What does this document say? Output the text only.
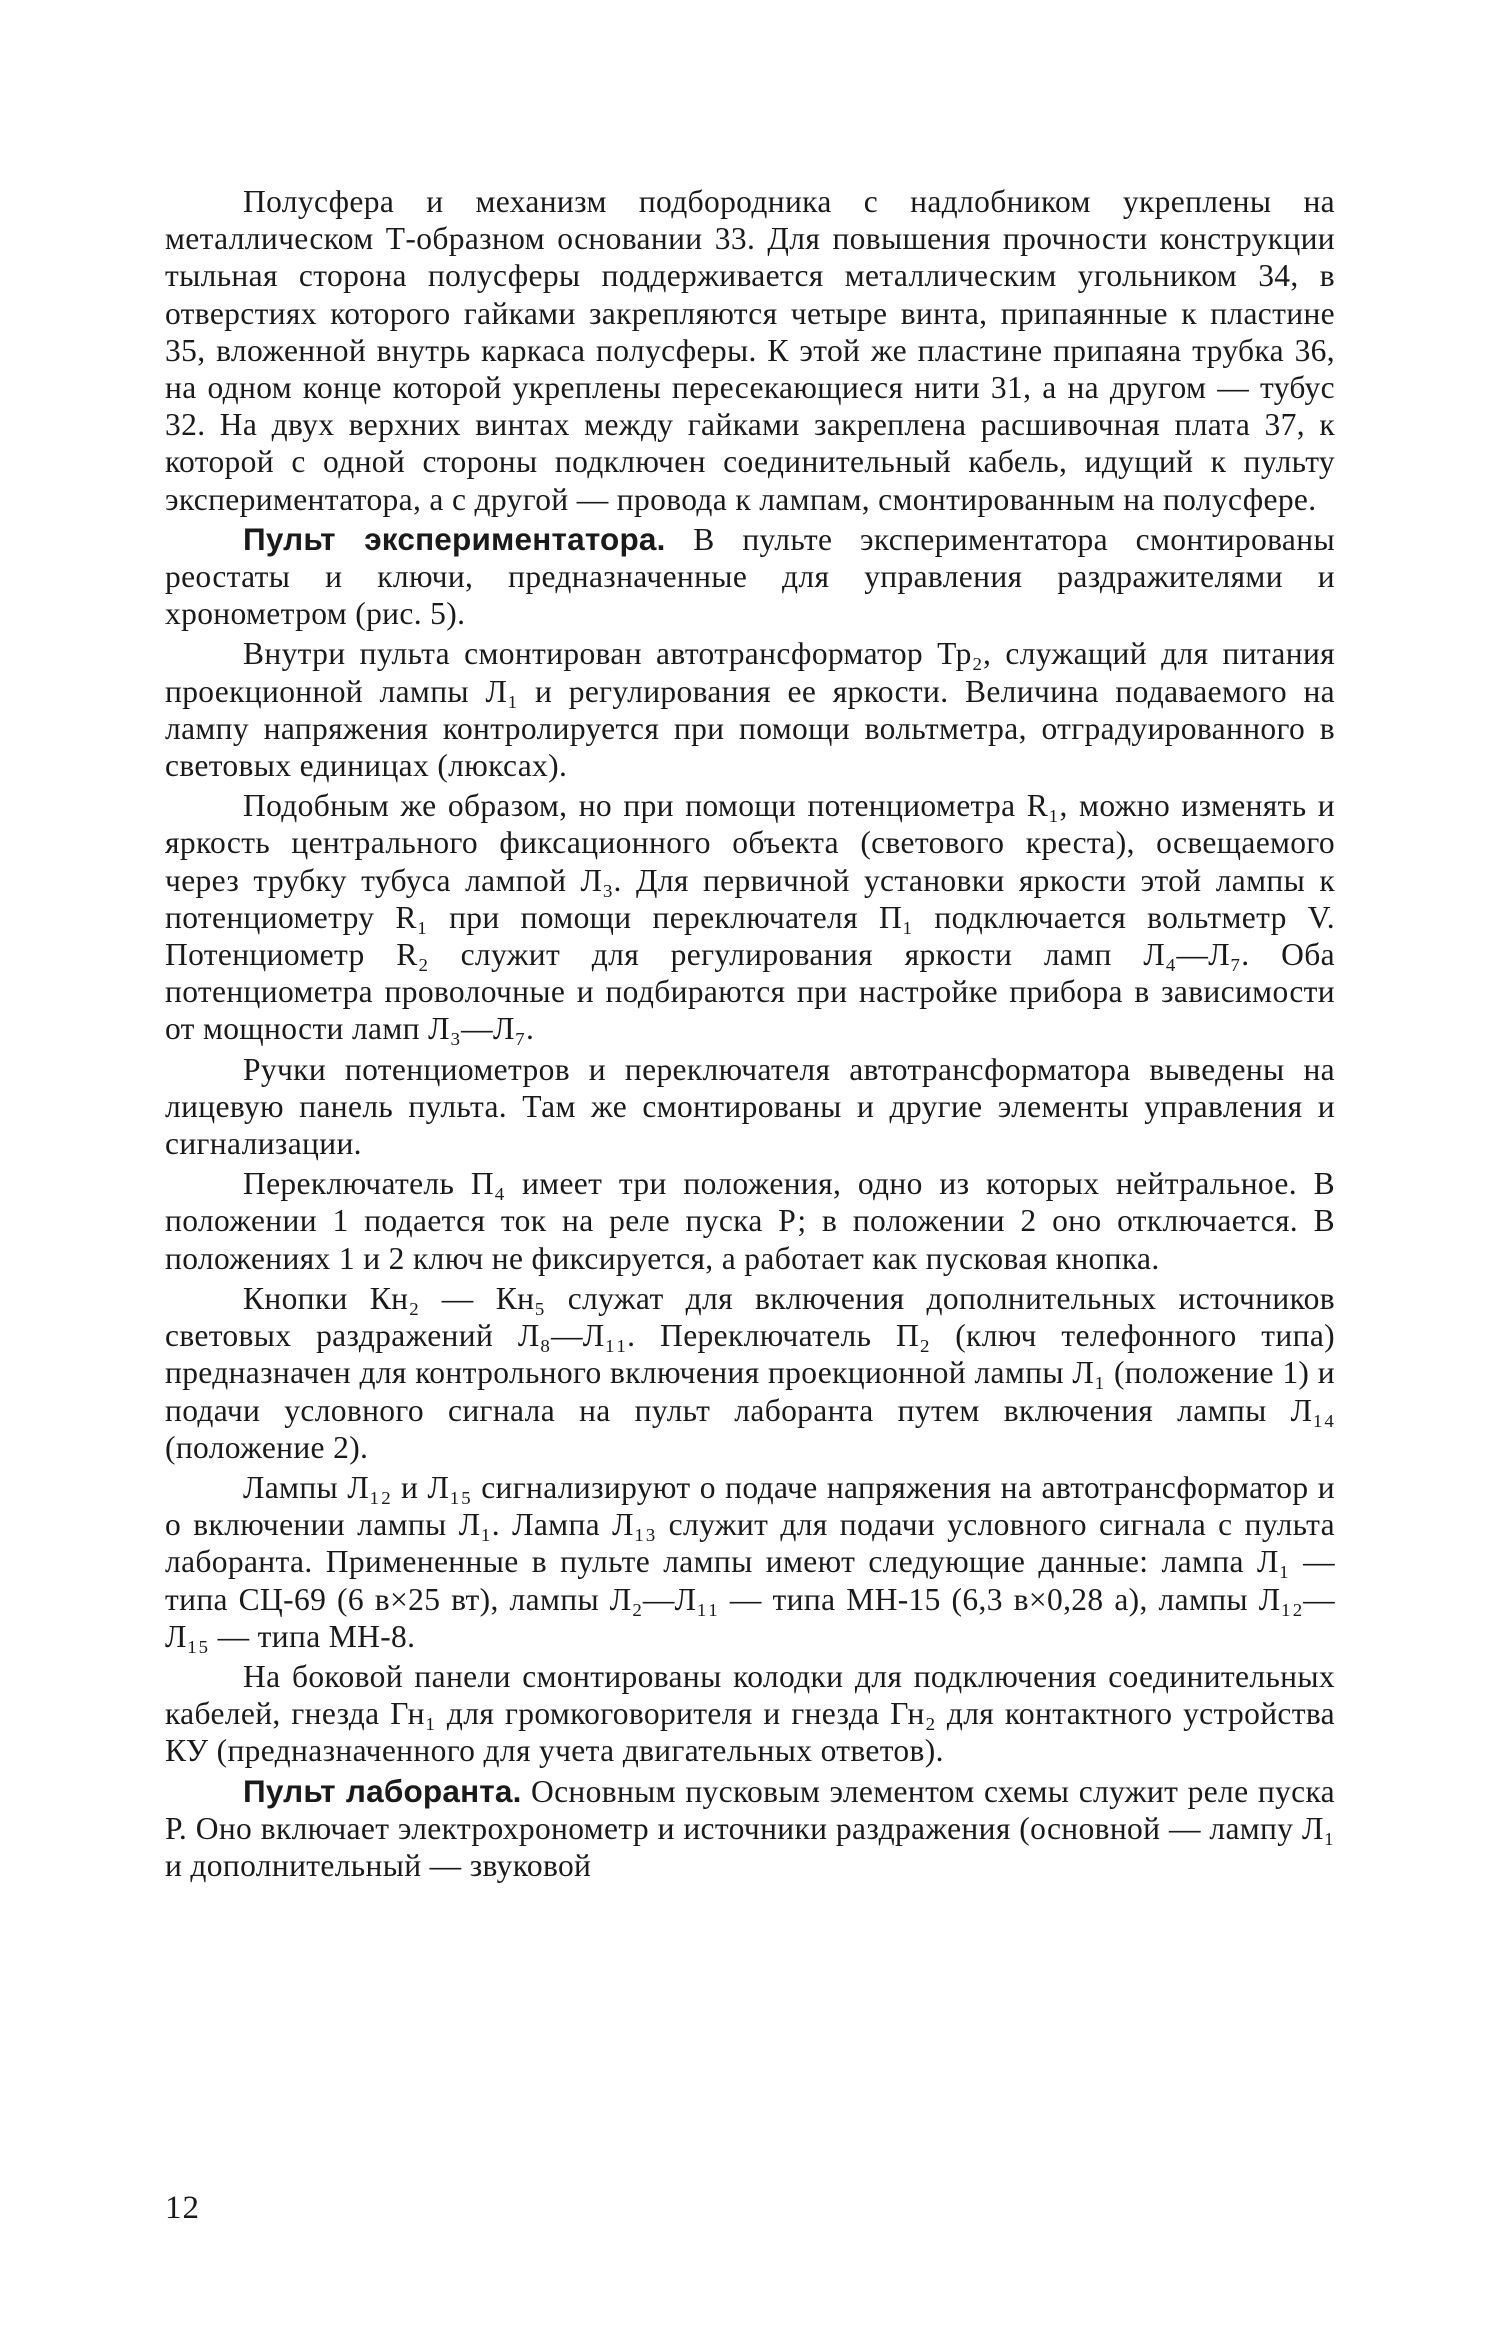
Полусфера и механизм подбородника с надлобником укреплены на металлическом Т-образном основании 33. Для повышения прочности конструкции тыльная сторона полусферы поддерживается металлическим угольником 34, в отверстиях которого гайками закрепляются четыре винта, припаянные к пластине 35, вложенной внутрь каркаса полусферы. К этой же пластине припаяна трубка 36, на одном конце которой укреплены пересекающиеся нити 31, а на другом — тубус 32. На двух верхних винтах между гайками закреплена расшивочная плата 37, к которой с одной стороны подключен соединительный кабель, идущий к пульту экспериментатора, а с другой — провода к лампам, смонтированным на полусфере.

Пульт экспериментатора. В пульте экспериментатора смонтированы реостаты и ключи, предназначенные для управления раздражителями и хронометром (рис. 5).

Внутри пульта смонтирован автотрансформатор Тр₂, служащий для питания проекционной лампы Л₁ и регулирования ее яркости. Величина подаваемого на лампу напряжения контролируется при помощи вольтметра, отградуированного в световых единицах (люксах).

Подобным же образом, но при помощи потенциометра R₁, можно изменять и яркость центрального фиксационного объекта (светового креста), освещаемого через трубку тубуса лампой Л₃. Для первичной установки яркости этой лампы к потенциометру R₁ при помощи переключателя П₁ подключается вольтметр V. Потенциометр R₂ служит для регулирования яркости ламп Л₄—Л₇. Оба потенциометра проволочные и подбираются при настройке прибора в зависимости от мощности ламп Л₃—Л₇.

Ручки потенциометров и переключателя автотрансформатора выведены на лицевую панель пульта. Там же смонтированы и другие элементы управления и сигнализации.

Переключатель П₄ имеет три положения, одно из которых нейтральное. В положении 1 подается ток на реле пуска Р; в положении 2 оно отключается. В положениях 1 и 2 ключ не фиксируется, а работает как пусковая кнопка.

Кнопки Кн₂ — Кн₅ служат для включения дополнительных источников световых раздражений Л₈—Л₁₁. Переключатель П₂ (ключ телефонного типа) предназначен для контрольного включения проекционной лампы Л₁ (положение 1) и подачи условного сигнала на пульт лаборанта путем включения лампы Л₁₄ (положение 2).

Лампы Л₁₂ и Л₁₅ сигнализируют о подаче напряжения на автотрансформатор и о включении лампы Л₁. Лампа Л₁₃ служит для подачи условного сигнала с пульта лаборанта. Примененные в пульте лампы имеют следующие данные: лампа Л₁ — типа СЦ-69 (6 в×25 вт), лампы Л₂—Л₁₁ — типа МН-15 (6,3 в×0,28 а), лампы Л₁₂—Л₁₅ — типа МН-8.

На боковой панели смонтированы колодки для подключения соединительных кабелей, гнезда Гн₁ для громкоговорителя и гнезда Гн₂ для контактного устройства КУ (предназначенного для учета двигательных ответов).

Пульт лаборанта. Основным пусковым элементом схемы служит реле пуска Р. Оно включает электрохронометр и источники раздражения (основной — лампу Л₁ и дополнительный — звуковой

12
